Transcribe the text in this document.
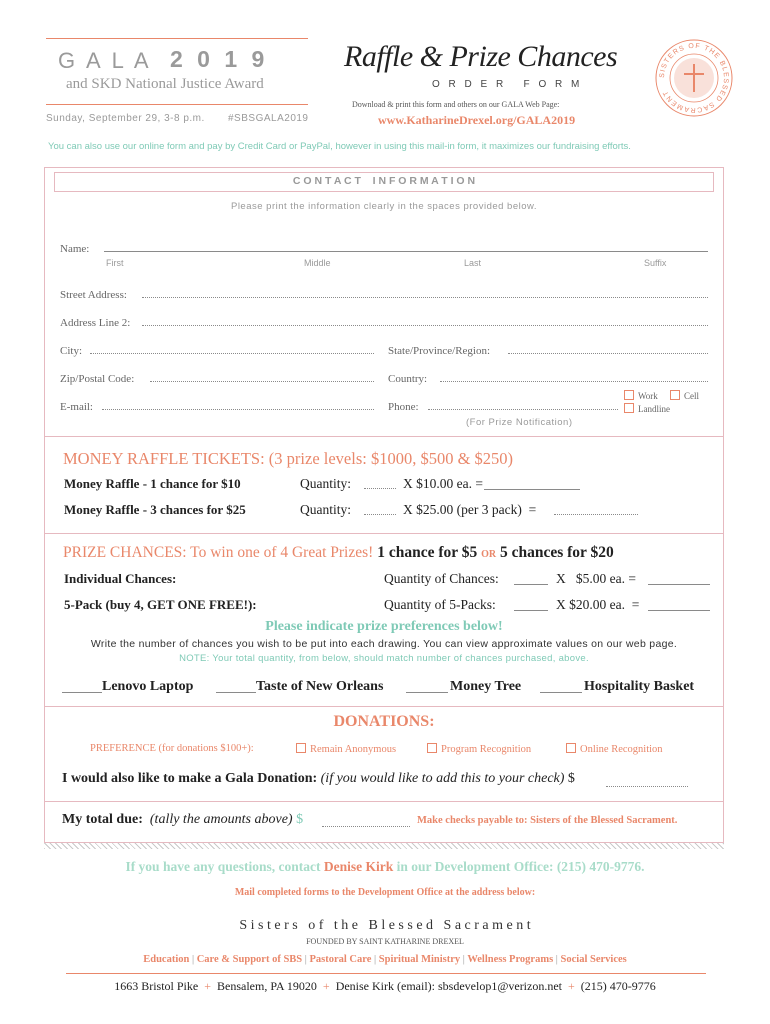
G A L A 2 0 1 9
and SKD National Justice Award
Sunday, September 29, 3-8 p.m. #SBSGALA2019
Raffle & Prize Chances
O R D E R   F O R M
Download & print this form and others on our GALA Web Page:
www.KatharineDrexel.org/GALA2019
SISTERS OF THE BLESSED SACRAMENT
You can also use our online form and pay by Credit Card or PayPal, however in using this mail-in form, it maximizes our fundraising efforts.
C O N T A C T    I N F O R M A T I O N
Please print the information clearly in the spaces provided below.
Name:
First	Middle	Last	Suffix
Street Address:
Address Line 2:
City:	State/Province/Region:
Zip/Postal Code:	Country:
E-mail:	Phone:
Work	Cell
Landline
(For Prize Notification)
MONEY RAFFLE TICKETS: (3 prize levels: $1000, $500 & $250)
Money Raffle - 1 chance for $10	Quantity:	X $10.00 ea. =
Money Raffle - 3 chances for $25	Quantity:	X $25.00 (per 3 pack)  =
PRIZE CHANCES: To win one of 4 Great Prizes! 1 chance for $5 OR 5 chances for $20
Individual Chances:	Quantity of Chances:	X   $5.00 ea. =
5-Pack (buy 4, GET ONE FREE!):	Quantity of 5-Packs:	X $20.00 ea.  =
Please indicate prize preferences below!
Write the number of chances you wish to be put into each drawing. You can view approximate values on our web page.
NOTE: Your total quantity, from below, should match number of chances purchased, above.
Lenovo Laptop	Taste of New Orleans	Money Tree	Hospitality Basket
DONATIONS:
PREFERENCE (for donations $100+):	Remain Anonymous	Program Recognition	Online Recognition
I would also like to make a Gala Donation: (if you would like to add this to your check) $
My total due: (tally the amounts above) $	Make checks payable to: Sisters of the Blessed Sacrament.
If you have any questions, contact Denise Kirk in our Development Office: (215) 470-9776.
Mail completed forms to the Development Office at the address below:
S i s t e r s   o f   t h e   B l e s s e d   S a c r a m e n t
FOUNDED BY SAINT KATHARINE DREXEL
Education | Care & Support of SBS | Pastoral Care | Spiritual Ministry | Wellness Programs | Social Services
1663 Bristol Pike  +  Bensalem, PA 19020  +  Denise Kirk (email): sbsdevelop1@verizon.net  +  (215) 470-9776
